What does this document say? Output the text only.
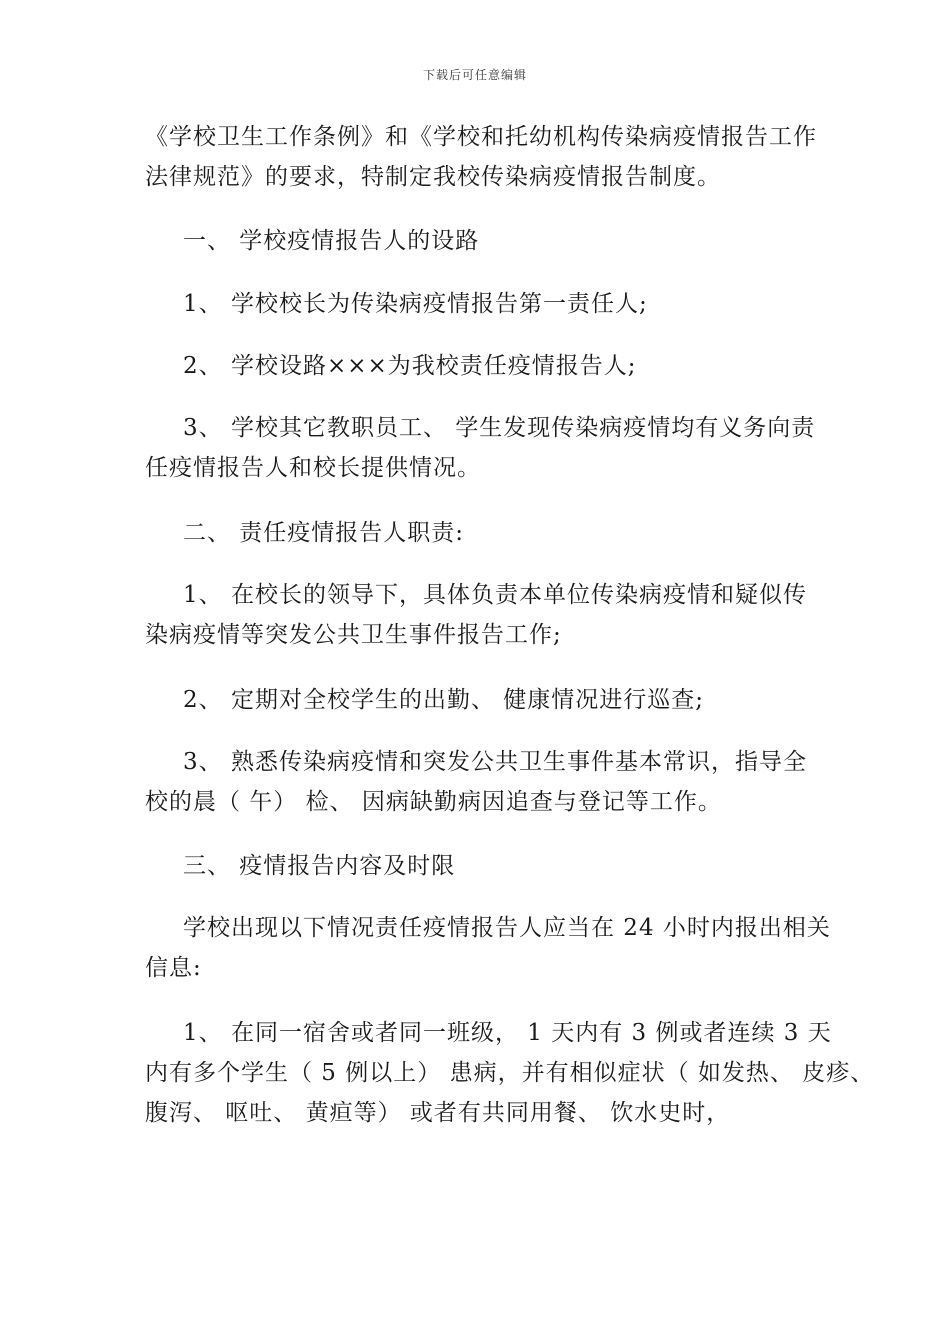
下载后可任意编辑
《学校卫生工作条例》和《学校和托幼机构传染病疫情报告工作
法律规范》的要求，特制定我校传染病疫情报告制度。
一、 学校疫情报告人的设路
1、 学校校长为传染病疫情报告第一责任人;
2、 学校设路×××为我校责任疫情报告人;
3、 学校其它教职员工、 学生发现传染病疫情均有义务向责
任疫情报告人和校长提供情况。
二、 责任疫情报告人职责:
1、 在校长的领导下，具体负责本单位传染病疫情和疑似传
染病疫情等突发公共卫生事件报告工作;
2、 定期对全校学生的出勤、 健康情况进行巡查;
3、 熟悉传染病疫情和突发公共卫生事件基本常识，指导全
校的晨（ 午） 检、 因病缺勤病因追查与登记等工作。
三、 疫情报告内容及时限
学校出现以下情况责任疫情报告人应当在 24 小时内报出相关
信息:
1、 在同一宿舍或者同一班级， 1 天内有 3 例或者连续 3 天
内有多个学生（ 5 例以上） 患病，并有相似症状（ 如发热、 皮疹、
腹泻、 呕吐、 黄疸等） 或者有共同用餐、 饮水史时，
